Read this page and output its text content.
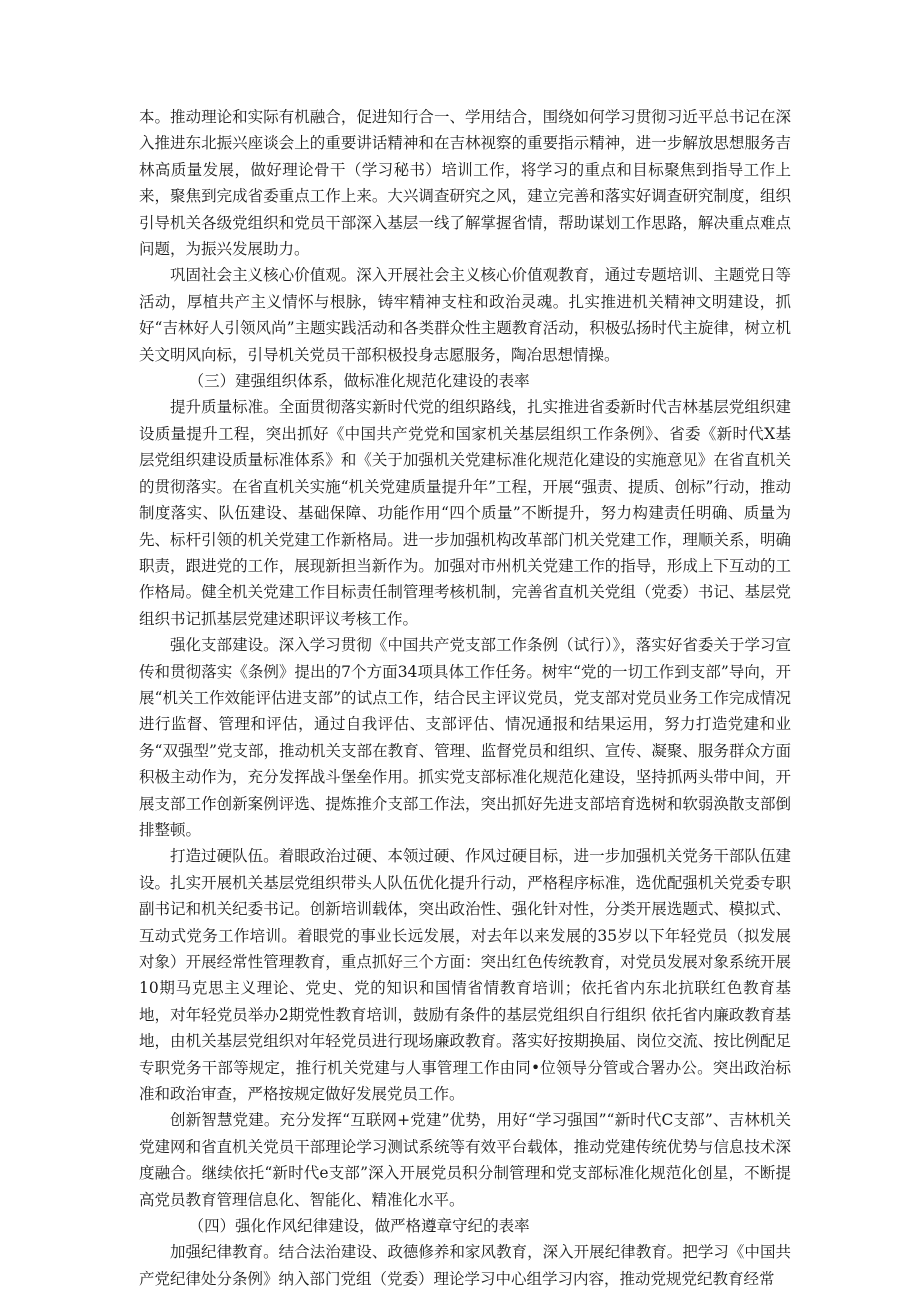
本。推动理论和实际有机融合，促进知行合一、学用结合，围绕如何学习贯彻习近平总书记在深入推进东北振兴座谈会上的重要讲话精神和在吉林视察的重要指示精神，进一步解放思想服务吉林高质量发展，做好理论骨干（学习秘书）培训工作，将学习的重点和目标聚焦到指导工作上来，聚焦到完成省委重点工作上来。大兴调查研究之风，建立完善和落实好调查研究制度，组织引导机关各级党组织和党员干部深入基层一线了解掌握省情，帮助谋划工作思路，解决重点难点问题，为振兴发展助力。

巩固社会主义核心价值观。深入开展社会主义核心价值观教育，通过专题培训、主题党日等活动，厚植共产主义情怀与根脉，铸牢精神支柱和政治灵魂。扎实推进机关精神文明建设，抓好“吉林好人引领风尚”主题实践活动和各类群众性主题教育活动，积极弘扬时代主旋律，树立机关文明风向标，引导机关党员干部积极投身志愿服务，陶冶思想情操。

（三）建强组织体系，做标准化规范化建设的表率

提升质量标准。全面贯彻落实新时代党的组织路线，扎实推进省委新时代吉林基层党组织建设质量提升工程，突出抓好《中国共产党党和国家机关基层组织工作条例》、省委《新时代X基层党组织建设质量标准体系》和《关于加强机关党建标准化规范化建设的实施意见》在省直机关的贯彻落实。在省直机关实施“机关党建质量提升年”工程，开展“强责、提质、创标”行动，推动制度落实、队伍建设、基础保障、功能作用“四个质量”不断提升，努力构建责任明确、质量为先、标杆引领的机关党建工作新格局。进一步加强机构改革部门机关党建工作，理顺关系，明确职责，跟进党的工作，展现新担当新作为。加强对市州机关党建工作的指导，形成上下互动的工作格局。健全机关党建工作目标责任制管理考核机制，完善省直机关党组（党委）书记、基层党组织书记抓基层党建述职评议考核工作。

强化支部建设。深入学习贯彻《中国共产党支部工作条例（试行）》，落实好省委关于学习宣传和贯彻落实《条例》提出的7个方面34项具体工作任务。树牢“党的一切工作到支部”导向，开展“机关工作效能评估进支部”的试点工作，结合民主评议党员，党支部对党员业务工作完成情况进行监督、管理和评估，通过自我评估、支部评估、情况通报和结果运用，努力打造党建和业务“双强型”党支部，推动机关支部在教育、管理、监督党员和组织、宣传、凝聚、服务群众方面积极主动作为，充分发挥战斗堡垒作用。抓实党支部标准化规范化建设，坚持抓两头带中间，开展支部工作创新案例评选、提炼推介支部工作法，突出抓好先进支部培育选树和软弱涣散支部倒排整顿。

打造过硬队伍。着眼政治过硬、本领过硬、作风过硬目标，进一步加强机关党务干部队伍建设。扎实开展机关基层党组织带头人队伍优化提升行动，严格程序标准，选优配强机关党委专职副书记和机关纪委书记。创新培训载体，突出政治性、强化针对性，分类开展选题式、模拟式、互动式党务工作培训。着眼党的事业长远发展，对去年以来发展的35岁以下年轻党员（拟发展对象）开展经常性管理教育，重点抓好三个方面：突出红色传统教育，对党员发展对象系统开展10期马克思主义理论、党史、党的知识和国情省情教育培训；依托省内东北抗联红色教育基地，对年轻党员举办2期党性教育培训，鼓励有条件的基层党组织自行组织 依托省内廉政教育基地，由机关基层党组织对年轻党员进行现场廉政教育。落实好按期换届、岗位交流、按比例配足专职党务干部等规定，推行机关党建与人事管理工作由同•位领导分管或合署办公。突出政治标准和政治审查，严格按规定做好发展党员工作。

创新智慧党建。充分发挥“互联网+党建”优势，用好“学习强国”“新时代C支部”、吉林机关党建网和省直机关党员干部理论学习测试系统等有效平台载体，推动党建传统优势与信息技术深度融合。继续依托“新时代e支部”深入开展党员积分制管理和党支部标准化规范化创星，不断提高党员教育管理信息化、智能化、精准化水平。

（四）强化作风纪律建设，做严格遵章守纪的表率

加强纪律教育。结合法治建设、政德修养和家风教育，深入开展纪律教育。把学习《中国共产党纪律处分条例》纳入部门党组（党委）理论学习中心组学习内容，推动党规党纪教育经常
